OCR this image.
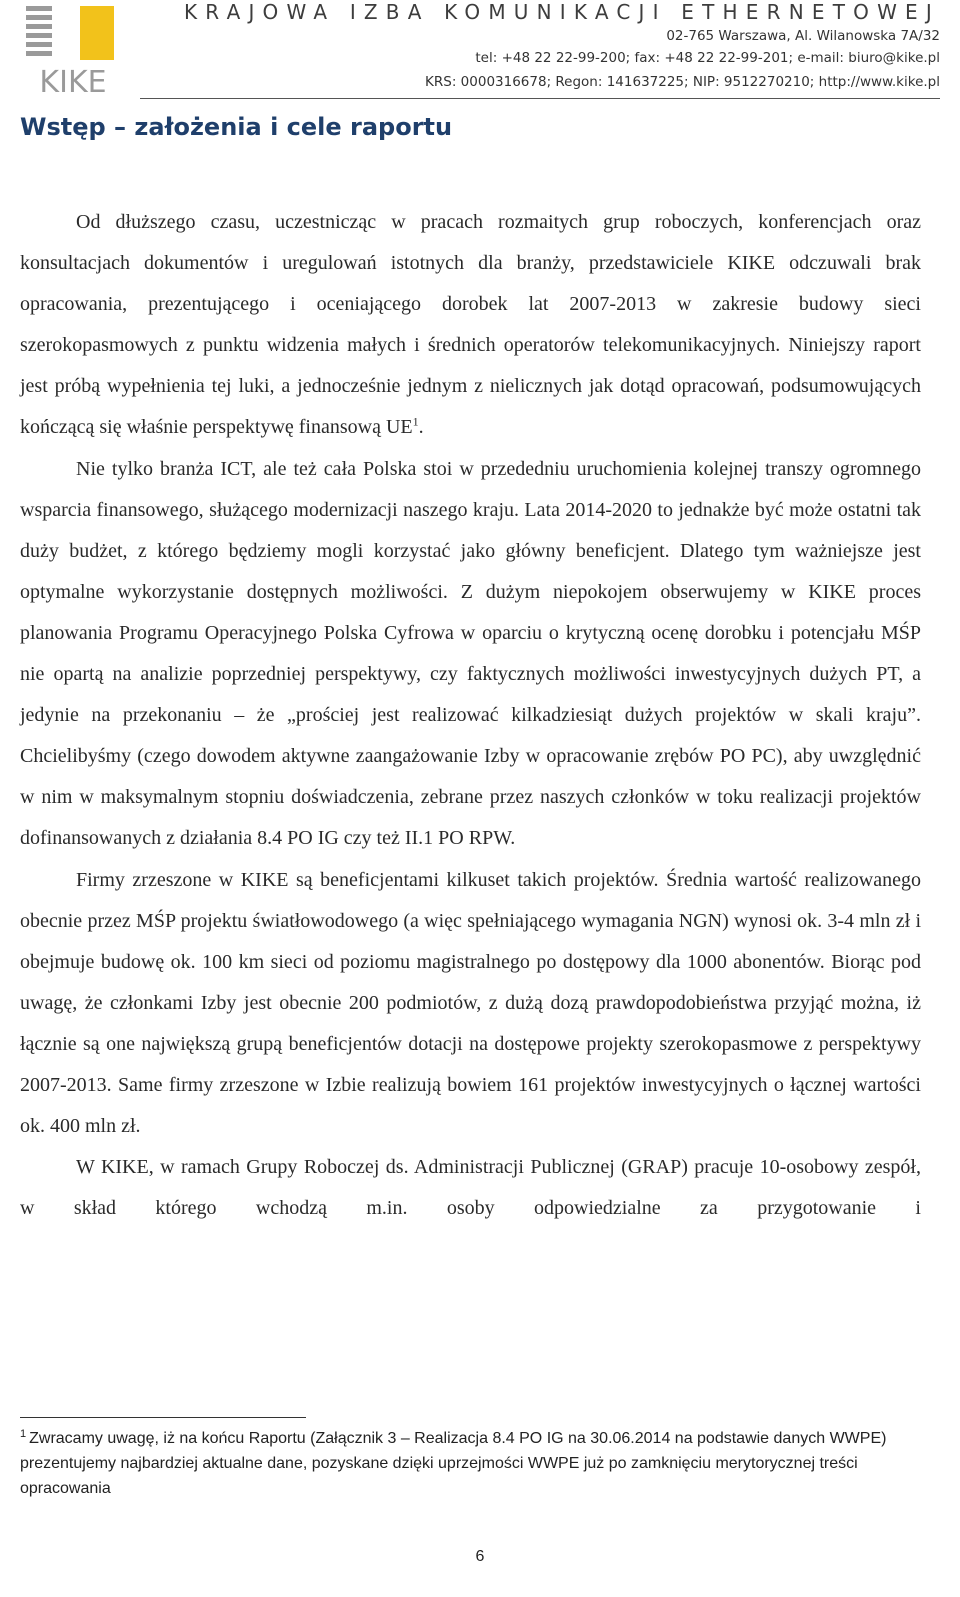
KIKE
KRAJOWA IZBA KOMUNIKACJI ETHERNETOWEJ
02-765 Warszawa, Al. Wilanowska 7A/32
tel: +48 22 22-99-200; fax: +48 22 22-99-201; e-mail: biuro@kike.pl
KRS: 0000316678; Regon: 141637225; NIP: 9512270210; http://www.kike.pl
Wstęp – założenia i cele raportu

Od dłuższego czasu, uczestnicząc w pracach rozmaitych grup roboczych, konferencjach oraz konsultacjach dokumentów i uregulowań istotnych dla branży, przedstawiciele KIKE odczuwali brak opracowania, prezentującego i oceniającego dorobek lat 2007-2013 w zakresie budowy sieci szerokopasmowych z punktu widzenia małych i średnich operatorów telekomunikacyjnych. Niniejszy raport jest próbą wypełnienia tej luki, a jednocześnie jednym z nielicznych jak dotąd opracowań, podsumowujących kończącą się właśnie perspektywę finansową UE$^1$.

Nie tylko branża ICT, ale też cała Polska stoi w przededniu uruchomienia kolejnej transzy ogromnego wsparcia finansowego, służącego modernizacji naszego kraju. Lata 2014-2020 to jednakże być może ostatni tak duży budżet, z którego będziemy mogli korzystać jako główny beneficjent. Dlatego tym ważniejsze jest optymalne wykorzystanie dostępnych możliwości. Z dużym niepokojem obserwujemy w KIKE proces planowania Programu Operacyjnego Polska Cyfrowa w oparciu o krytyczną ocenę dorobku i potencjału MŚP nie opartą na analizie poprzedniej perspektywy, czy faktycznych możliwości inwestycyjnych dużych PT, a jedynie na przekonaniu – że „prościej jest realizować kilkadziesiąt dużych projektów w skali kraju”. Chcielibyśmy (czego dowodem aktywne zaangażowanie Izby w opracowanie zrębów PO PC), aby uwzględnić w nim w maksymalnym stopniu doświadczenia, zebrane przez naszych członków w toku realizacji projektów dofinansowanych z działania 8.4 PO IG czy też II.1 PO RPW.

Firmy zrzeszone w KIKE są beneficjentami kilkuset takich projektów. Średnia wartość realizowanego obecnie przez MŚP projektu światłowodowego (a więc spełniającego wymagania NGN) wynosi ok. 3-4 mln zł i obejmuje budowę ok. 100 km sieci od poziomu magistralnego po dostępowy dla 1000 abonentów. Biorąc pod uwagę, że członkami Izby jest obecnie 200 podmiotów, z dużą dozą prawdopodobieństwa przyjąć można, iż łącznie są one największą grupą beneficjentów dotacji na dostępowe projekty szerokopasmowe z perspektywy 2007-2013. Same firmy zrzeszone w Izbie realizują bowiem 161 projektów inwestycyjnych o łącznej wartości ok. 400 mln zł.

W KIKE, w ramach Grupy Roboczej ds. Administracji Publicznej (GRAP) pracuje 10-osobowy zespół, w skład którego wchodzą m.in. osoby odpowiedzialne za przygotowanie i

$^1$ Zwracamy uwagę, iż na końcu Raportu (Załącznik 3 – Realizacja 8.4 PO IG na 30.06.2014 na podstawie danych WWPE) prezentujemy najbardziej aktualne dane, pozyskane dzięki uprzejmości WWPE już po zamknięciu merytorycznej treści opracowania

6
